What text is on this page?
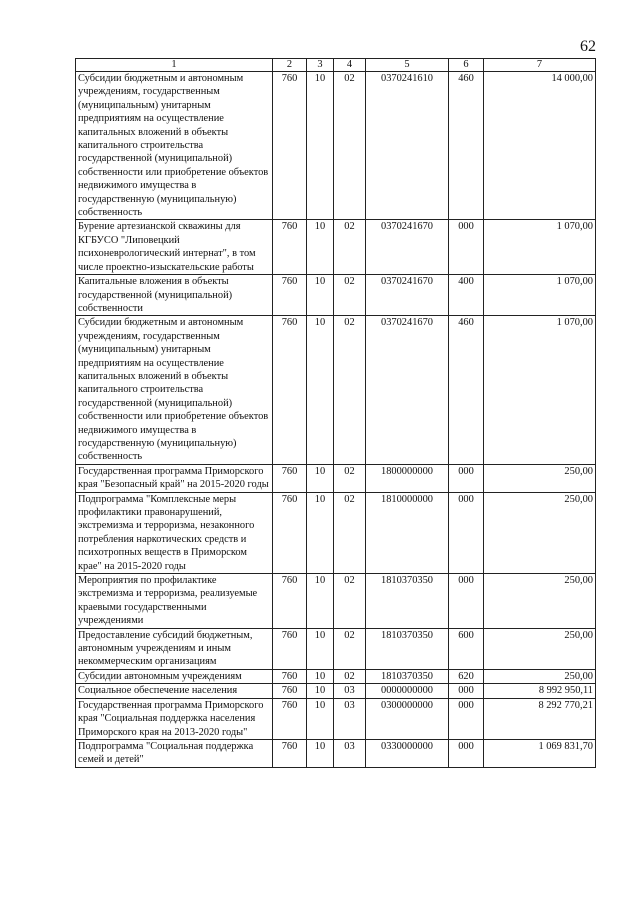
62
1	2	3	4	5	6	7
Субсидии бюджетным и автономным учреждениям, государственным (муниципальным) унитарным предприятиям на осуществление капитальных вложений в объекты капитального строительства государственной (муниципальной) собственности или приобретение объектов недвижимого имущества в государственную (муниципальную) собственность	760	10	02	0370241610	460	14 000,00
Бурение артезианской скважины для КГБУСО "Липовецкий психоневрологический интернат", в том числе проектно-изыскательские работы	760	10	02	0370241670	000	1 070,00
Капитальные вложения в объекты государственной (муниципальной) собственности	760	10	02	0370241670	400	1 070,00
Субсидии бюджетным и автономным учреждениям, государственным (муниципальным) унитарным предприятиям на осуществление капитальных вложений в объекты капитального строительства государственной (муниципальной) собственности или приобретение объектов недвижимого имущества в государственную (муниципальную) собственность	760	10	02	0370241670	460	1 070,00
Государственная программа Приморского края "Безопасный край" на 2015-2020 годы	760	10	02	1800000000	000	250,00
Подпрограмма "Комплексные меры профилактики правонарушений, экстремизма и терроризма, незаконного потребления наркотических средств и психотропных веществ в Приморском крае" на 2015-2020 годы	760	10	02	1810000000	000	250,00
Мероприятия по профилактике экстремизма и терроризма, реализуемые краевыми государственными учреждениями	760	10	02	1810370350	000	250,00
Предоставление субсидий бюджетным, автономным учреждениям и иным некоммерческим организациям	760	10	02	1810370350	600	250,00
Субсидии автономным учреждениям	760	10	02	1810370350	620	250,00
Социальное обеспечение населения	760	10	03	0000000000	000	8 992 950,11
Государственная программа Приморского края "Социальная поддержка населения Приморского края на 2013-2020 годы"	760	10	03	0300000000	000	8 292 770,21
Подпрограмма "Социальная поддержка семей и детей"	760	10	03	0330000000	000	1 069 831,70
